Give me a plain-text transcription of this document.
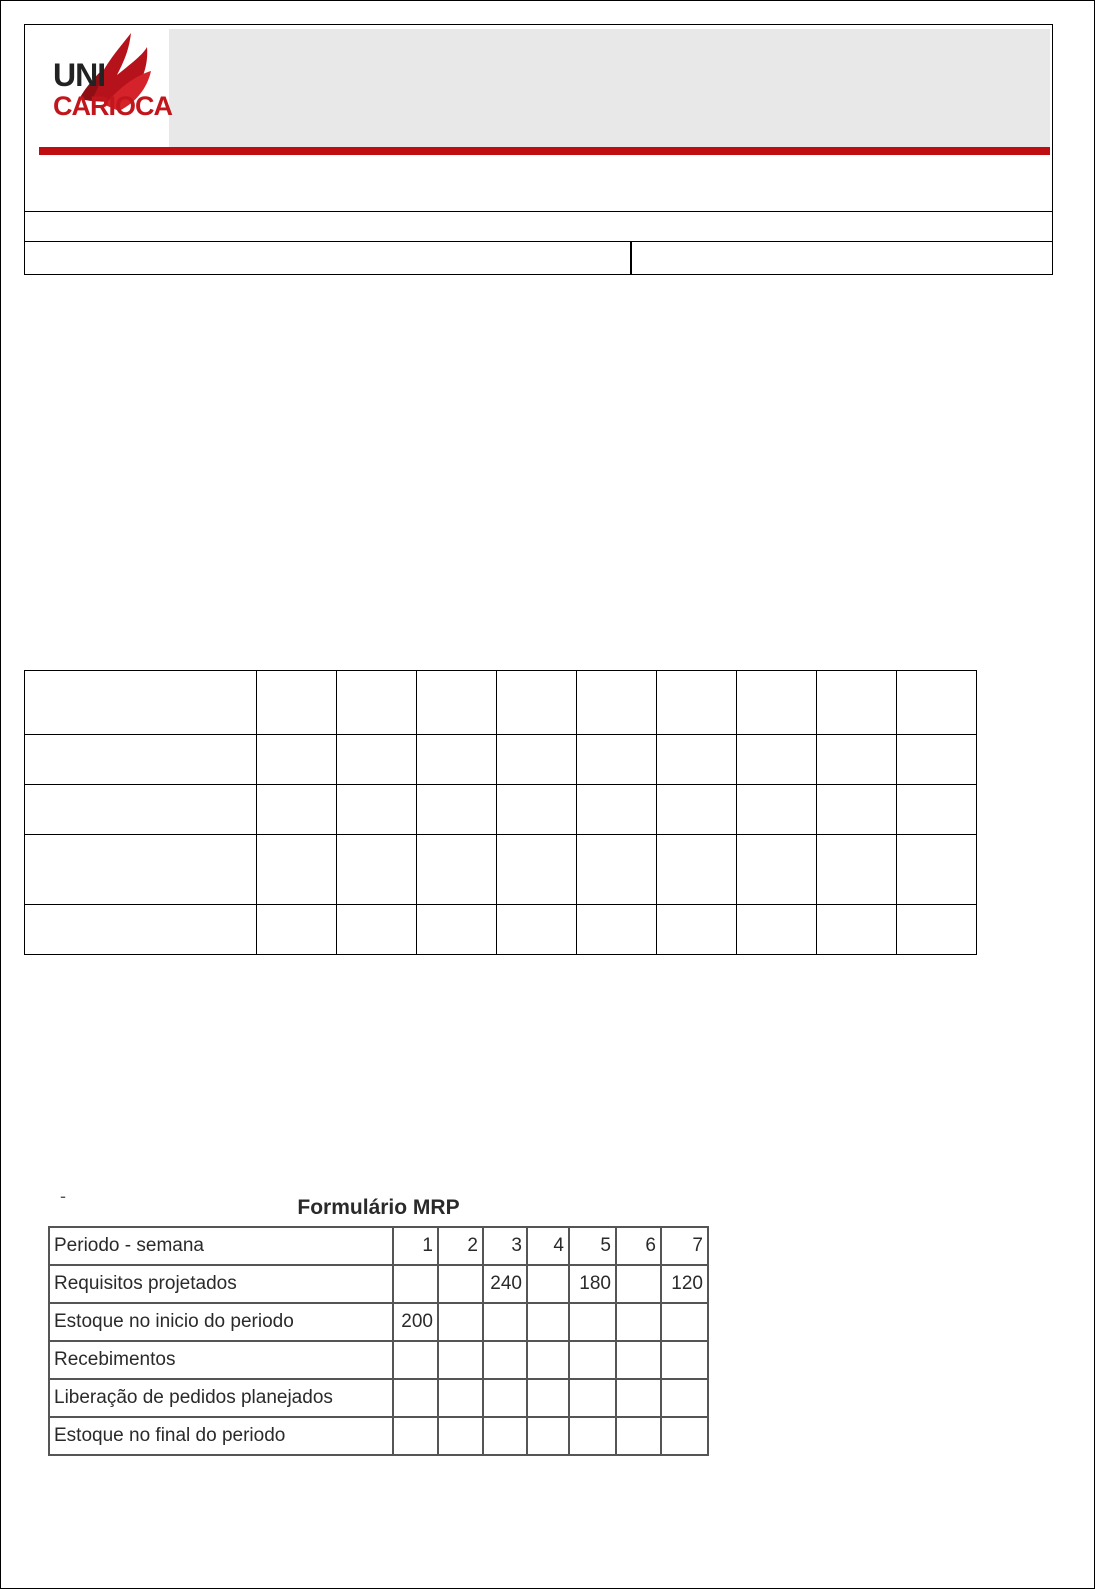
UNI
CARIOCA

-	Formulário MRP
Periodo - semana	1	2	3	4	5	6	7
Requisitos projetados			240		180		120
Estoque no inicio do periodo	200						
Recebimentos							
Liberação de pedidos planejados							
Estoque no final do periodo							
